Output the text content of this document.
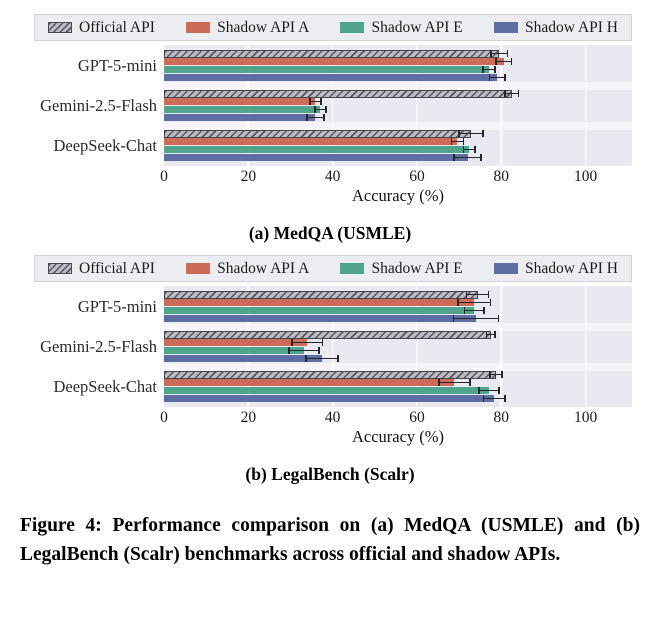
Official API	Shadow API A	Shadow API E	Shadow API H
GPT-5-mini
Gemini-2.5-Flash
DeepSeek-Chat
0	20	40	60	80	100
Accuracy (%)
(a) MedQA (USMLE)
Official API	Shadow API A	Shadow API E	Shadow API H
GPT-5-mini
Gemini-2.5-Flash
DeepSeek-Chat
0	20	40	60	80	100
Accuracy (%)
(b) LegalBench (Scalr)

Figure 4: Performance comparison on (a) MedQA (USMLE) and (b) LegalBench (Scalr) benchmarks across official and shadow APIs.
